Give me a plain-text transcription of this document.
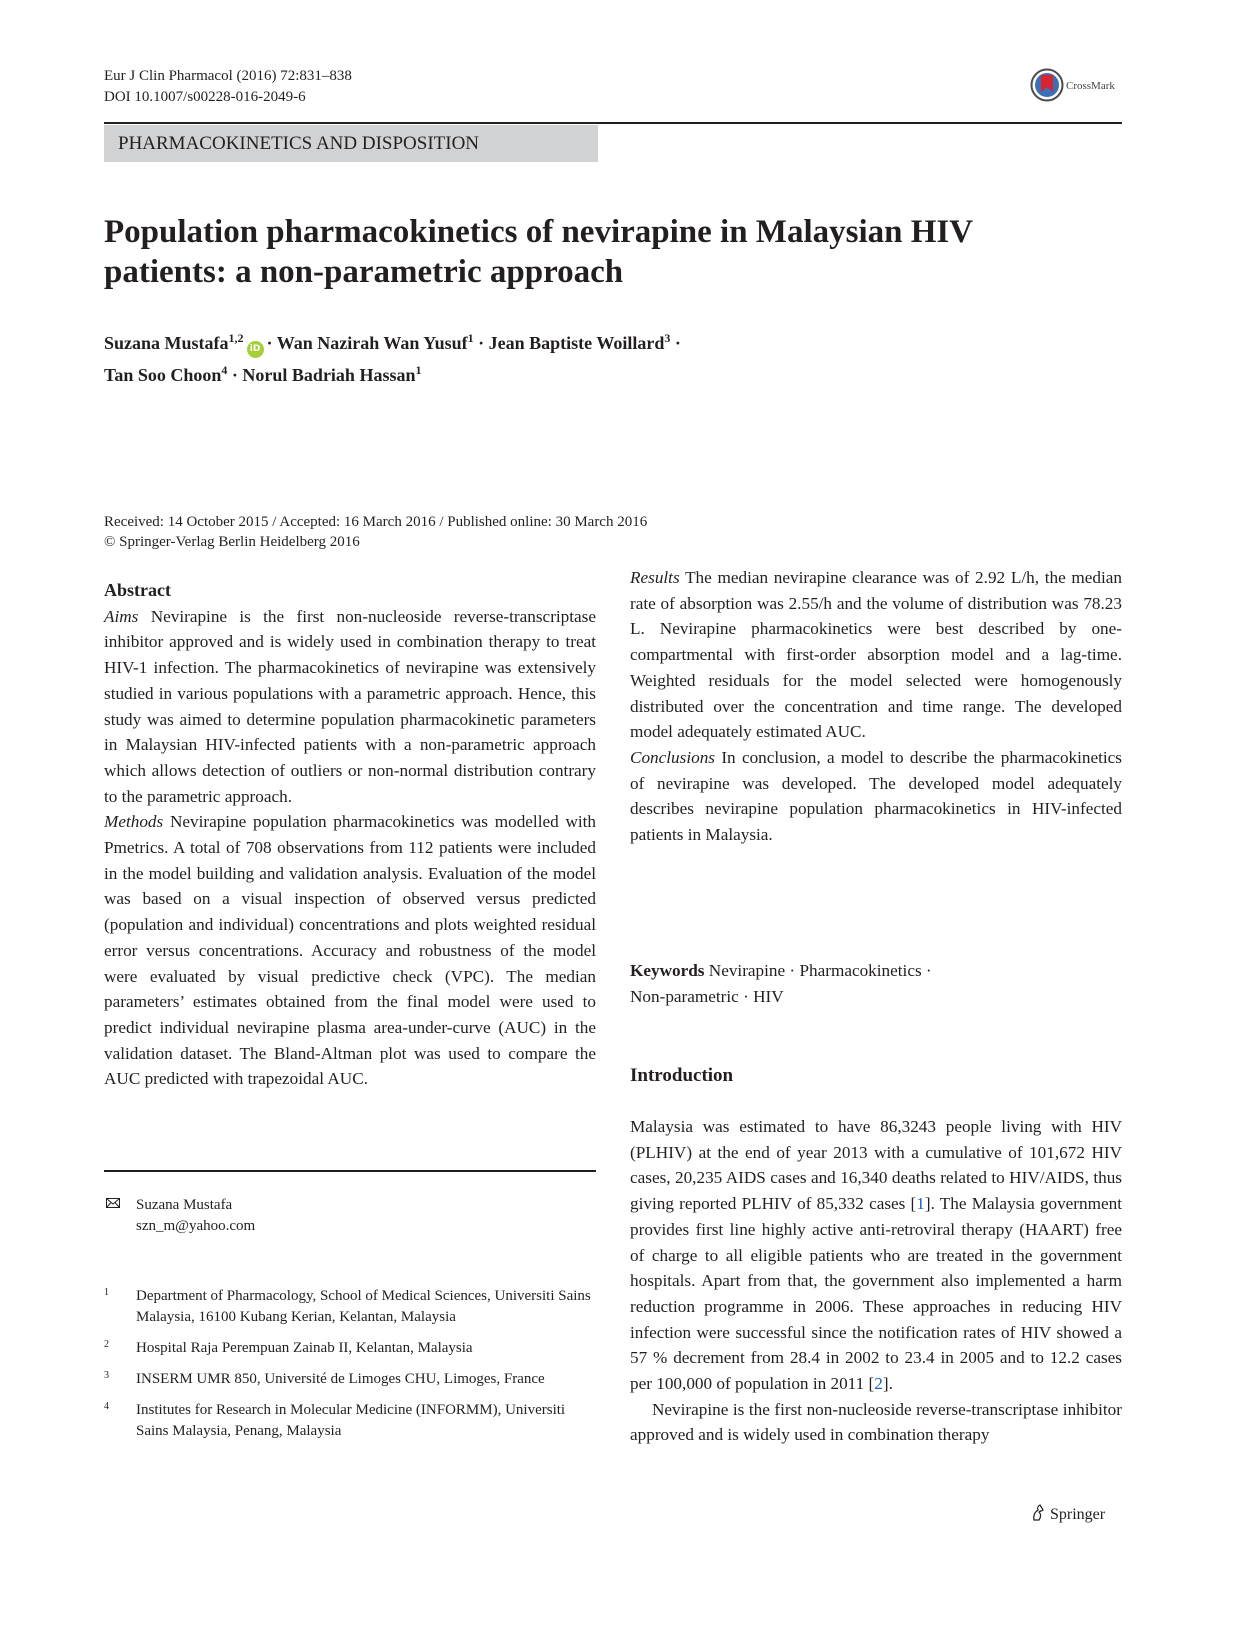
Eur J Clin Pharmacol (2016) 72:831–838
DOI 10.1007/s00228-016-2049-6
CrossMark
PHARMACOKINETICS AND DISPOSITION
Population pharmacokinetics of nevirapine in Malaysian HIV
patients: a non-parametric approach
Suzana Mustafa$^{1,2}$iD · Wan Nazirah Wan Yusuf$^1$ · Jean Baptiste Woillard$^3$ ·
Tan Soo Choon$^4$ · Norul Badriah Hassan$^1$
Received: 14 October 2015 / Accepted: 16 March 2016 / Published online: 30 March 2016
© Springer-Verlag Berlin Heidelberg 2016
Abstract

Aims Nevirapine is the first non-nucleoside reverse-transcriptase inhibitor approved and is widely used in combination therapy to treat HIV-1 infection. The pharmacokinetics of nevirapine was extensively studied in various populations with a parametric approach. Hence, this study was aimed to determine population pharmacokinetic parameters in Malaysian HIV-infected patients with a non-parametric approach which allows detection of outliers or non-normal distribution contrary to the parametric approach.

Methods Nevirapine population pharmacokinetics was modelled with Pmetrics. A total of 708 observations from 112 patients were included in the model building and validation analysis. Evaluation of the model was based on a visual inspection of observed versus predicted (population and individual) concentrations and plots weighted residual error versus concentrations. Accuracy and robustness of the model were evaluated by visual predictive check (VPC). The median parameters’ estimates obtained from the final model were used to predict individual nevirapine plasma area-under-curve (AUC) in the validation dataset. The Bland-Altman plot was used to compare the AUC predicted with trapezoidal AUC.

Results The median nevirapine clearance was of 2.92 L/h, the median rate of absorption was 2.55/h and the volume of distribution was 78.23 L. Nevirapine pharmacokinetics were best described by one-compartmental with first-order absorption model and a lag-time. Weighted residuals for the model selected were homogenously distributed over the concentration and time range. The developed model adequately estimated AUC.

Conclusions In conclusion, a model to describe the pharmacokinetics of nevirapine was developed. The developed model adequately describes nevirapine population pharmacokinetics in HIV-infected patients in Malaysia.

Keywords Nevirapine · Pharmacokinetics ·
Non-parametric · HIV
Introduction

Malaysia was estimated to have 86,3243 people living with HIV (PLHIV) at the end of year 2013 with a cumulative of 101,672 HIV cases, 20,235 AIDS cases and 16,340 deaths related to HIV/AIDS, thus giving reported PLHIV of 85,332 cases [1]. The Malaysia government provides first line highly active anti-retroviral therapy (HAART) free of charge to all eligible patients who are treated in the government hospitals. Apart from that, the government also implemented a harm reduction programme in 2006. These approaches in reducing HIV infection were successful since the notification rates of HIV showed a 57 % decrement from 28.4 in 2002 to 23.4 in 2005 and to 12.2 cases per 100,000 of population in 2011 [2].

Nevirapine is the first non-nucleoside reverse-transcriptase inhibitor approved and is widely used in combination therapy

Suzana Mustafa
szn_m@yahoo.com
1 Department of Pharmacology, School of Medical Sciences, Universiti Sains Malaysia, 16100 Kubang Kerian, Kelantan, Malaysia
2 Hospital Raja Perempuan Zainab II, Kelantan, Malaysia
3 INSERM UMR 850, Université de Limoges CHU, Limoges, France
4 Institutes for Research in Molecular Medicine (INFORMM), Universiti Sains Malaysia, Penang, Malaysia
Springer
